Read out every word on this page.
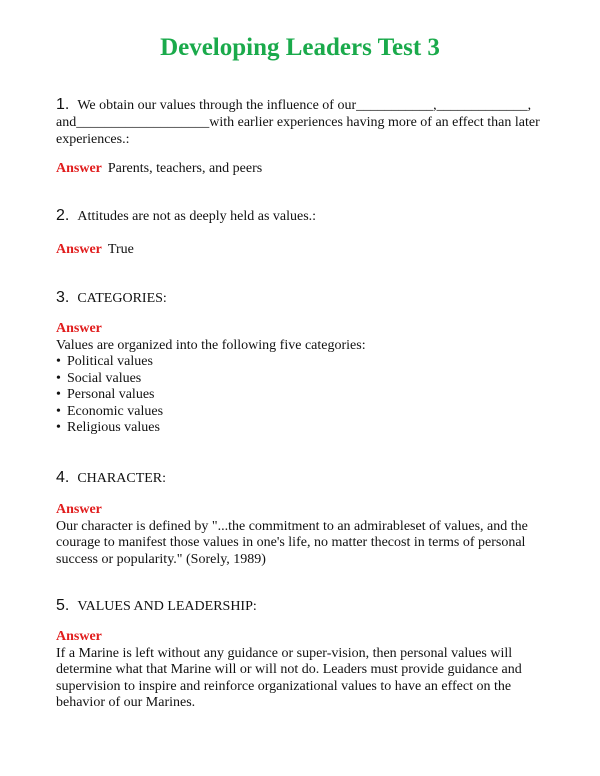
Developing Leaders Test 3
1. We obtain our values through the influence of our___________,_____________, and___________________with earlier experiences having more of an effect than later experiences.:
Answer Parents, teachers, and peers
2. Attitudes are not as deeply held as values.:
Answer True
3. CATEGORIES:
Answer

Values are organized into the following five categories:

• Political values
• Social values
• Personal values
• Economic values
• Religious values
4. CHARACTER:
Answer

Our character is defined by "...the commitment to an admirableset of values, and the courage to manifest those values in one's life, no matter thecost in terms of personal success or popularity." (Sorely, 1989)

5. VALUES AND LEADERSHIP:
Answer

If a Marine is left without any guidance or super-vision, then personal values will determine what that Marine will or will not do. Leaders must provide guidance and supervision to inspire and reinforce organizational values to have an effect on the behavior of our Marines.
